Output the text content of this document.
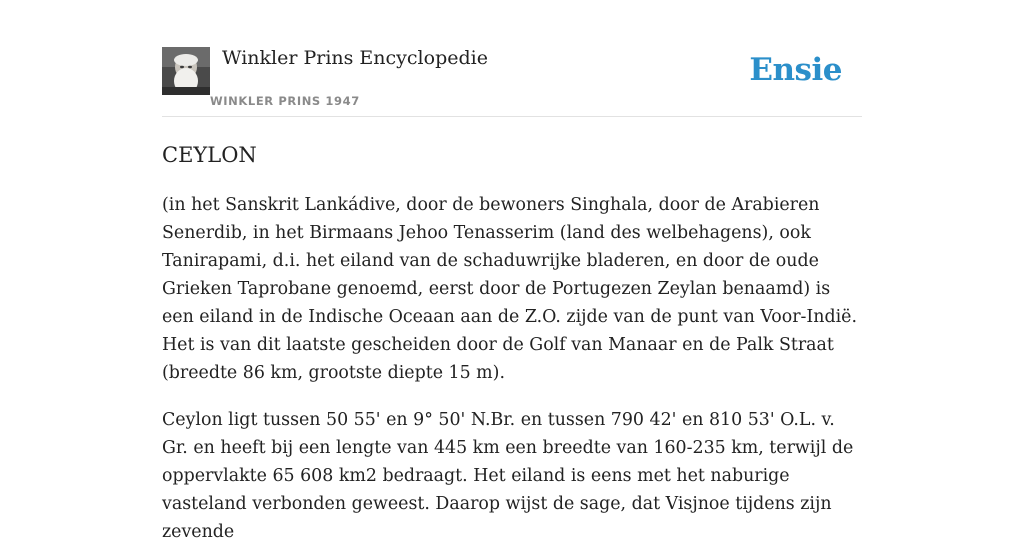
Winkler Prins Encyclopedie
WINKLER PRINS 1947
Ensie
CEYLON

(in het Sanskrit Lankádive, door de bewoners Singhala, door de Arabieren Senerdib, in het Birmaans Jehoo Tenasserim (land des welbehagens), ook Tanirapami, d.i. het eiland van de schaduwrijke bladeren, en door de oude Grieken Taprobane genoemd, eerst door de Portugezen Zeylan benaamd) is een eiland in de Indische Oceaan aan de Z.O. zijde van de punt van Voor-Indië. Het is van dit laatste gescheiden door de Golf van Manaar en de Palk Straat (breedte 86 km, grootste diepte 15 m).

Ceylon ligt tussen 50 55' en 9° 50' N.Br. en tussen 790 42' en 810 53' O.L. v. Gr. en heeft bij een lengte van 445 km een breedte van 160-235 km, terwijl de oppervlakte 65 608 km2 bedraagt. Het eiland is eens met het naburige vasteland verbonden geweest. Daarop wijst de sage, dat Visjnoe tijdens zijn zevende
